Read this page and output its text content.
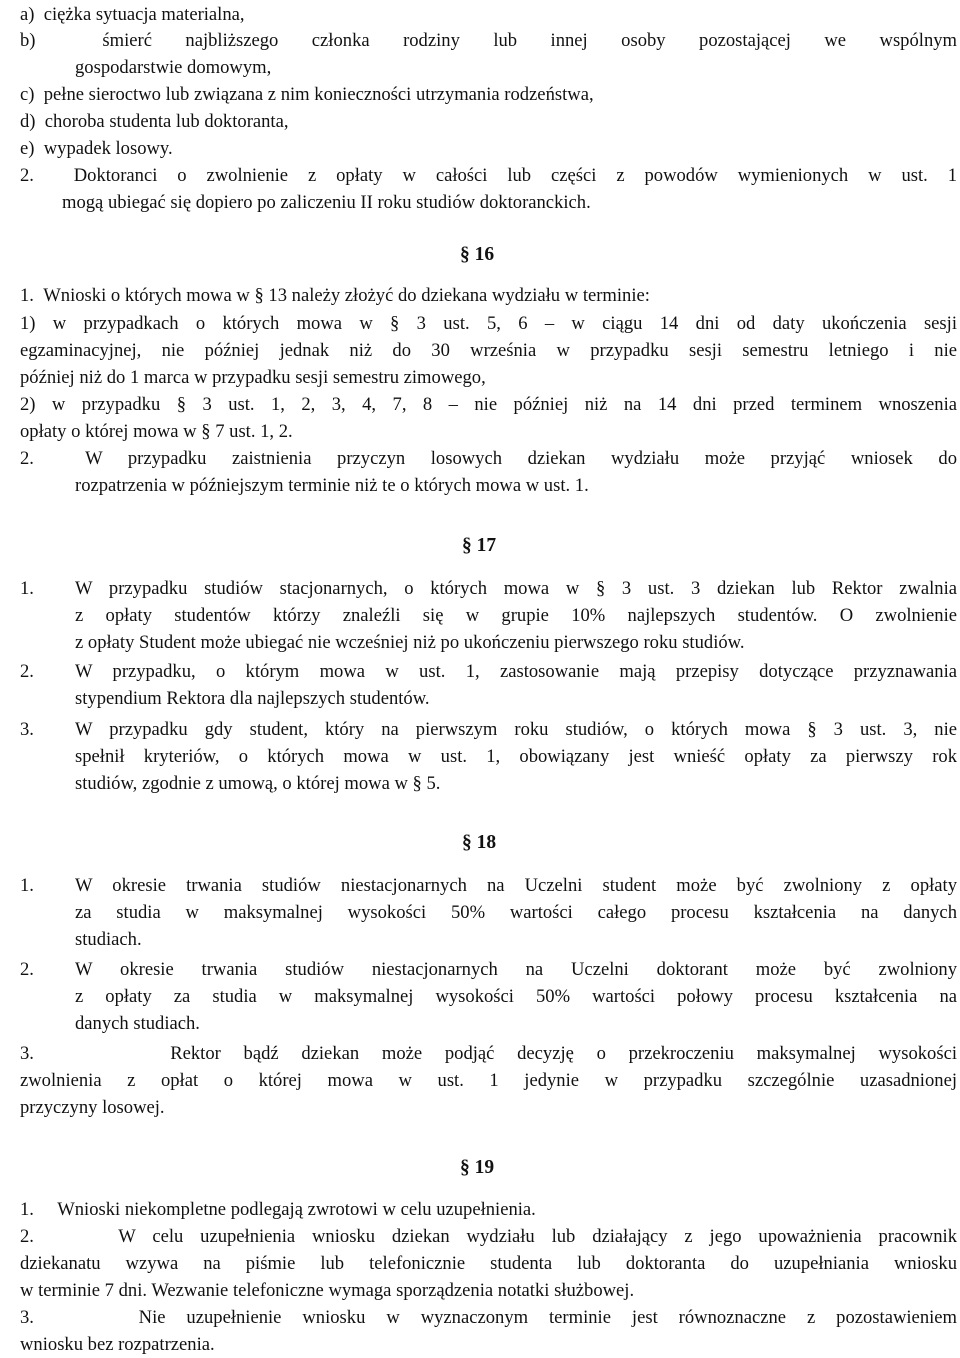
a)  ciężka sytuacja materialna,
b)  śmierć najbliższego członka rodziny lub innej osoby pozostającej we wspólnym
gospodarstwie domowym,
c)  pełne sieroctwo lub związana z nim konieczności utrzymania rodzeństwa,
d)  choroba studenta lub doktoranta,
e)  wypadek losowy.
2.  Doktoranci o zwolnienie z opłaty w całości lub części z powodów wymienionych w ust. 1
mogą ubiegać się dopiero po zaliczeniu II roku studiów doktoranckich.
§ 16
1.  Wnioski o których mowa w § 13 należy złożyć do dziekana wydziału w terminie:
1) w przypadkach o których mowa w § 3 ust. 5, 6 – w ciągu 14 dni od daty ukończenia sesji
egzaminacyjnej, nie później jednak niż do 30 września w przypadku sesji semestru letniego i nie
później niż do 1 marca w przypadku sesji semestru zimowego,
2) w przypadku § 3 ust. 1, 2, 3, 4, 7, 8 – nie później niż na 14 dni przed terminem wnoszenia
opłaty o której mowa w § 7 ust. 1, 2.
2.  W przypadku zaistnienia przyczyn losowych dziekan wydziału może przyjąć wniosek do
rozpatrzenia w późniejszym terminie niż te o których mowa w ust. 1.
§ 17
1. W przypadku studiów stacjonarnych, o których mowa w § 3 ust. 3 dziekan lub Rektor zwalnia
z opłaty studentów którzy znaleźli się w grupie 10% najlepszych studentów. O zwolnienie
z opłaty Student może ubiegać nie wcześniej niż po ukończeniu pierwszego roku studiów.
2. W przypadku, o którym mowa w ust. 1, zastosowanie mają przepisy dotyczące przyznawania
stypendium Rektora dla najlepszych studentów.
3. W przypadku gdy student, który na pierwszym roku studiów, o których mowa § 3 ust. 3, nie
spełnił kryteriów, o których mowa w ust. 1, obowiązany jest wnieść opłaty za pierwszy rok
studiów, zgodnie z umową, o której mowa w § 5.
§ 18
1. W okresie trwania studiów niestacjonarnych na Uczelni student może być zwolniony z opłaty
za studia w maksymalnej wysokości 50% wartości całego procesu kształcenia na danych
studiach.
2. W okresie trwania studiów niestacjonarnych na Uczelni doktorant może być zwolniony
z opłaty za studia w maksymalnej wysokości 50% wartości połowy procesu kształcenia na
danych studiach.
3.      Rektor bądź dziekan może podjąć decyzję o przekroczeniu maksymalnej wysokości
zwolnienia z opłat o której mowa w ust. 1 jedynie w przypadku szczególnie uzasadnionej
przyczyny losowej.
§ 19
1.     Wnioski niekompletne podlegają zwrotowi w celu uzupełnienia.
2.     W celu uzupełnienia wniosku dziekan wydziału lub działający z jego upoważnienia pracownik
dziekanatu wzywa na piśmie lub telefonicznie studenta lub doktoranta do uzupełniania wniosku
w terminie 7 dni. Wezwanie telefoniczne wymaga sporządzenia notatki służbowej.
3.     Nie uzupełnienie wniosku w wyznaczonym terminie jest równoznaczne z pozostawieniem
wniosku bez rozpatrzenia.
